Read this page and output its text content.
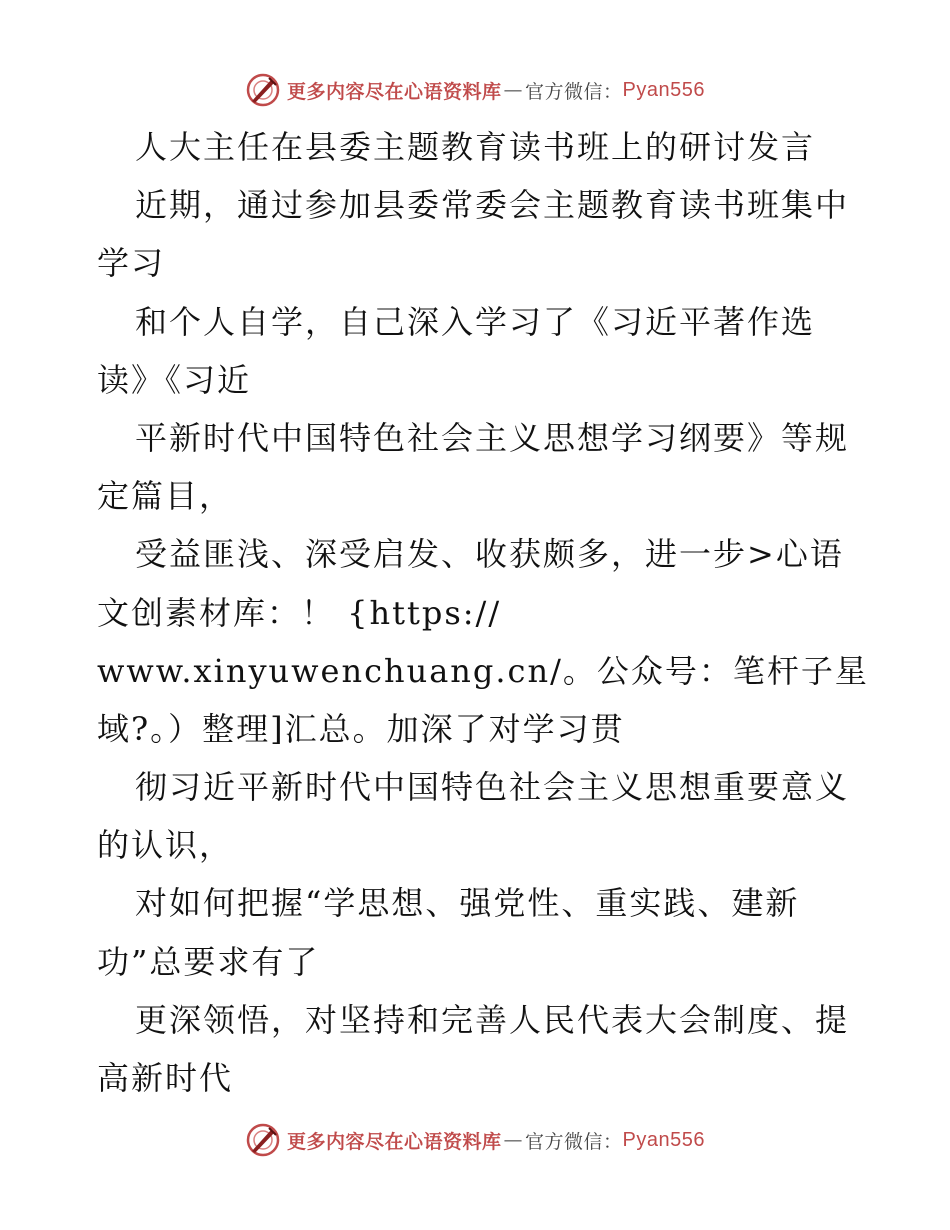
更多内容尽在心语资料库 — 官方微信： Pyan556
人大主任在县委主题教育读书班上的研讨发言
近期，通过参加县委常委会主题教育读书班集中
学习
和个人自学，自己深入学习了《习近平著作选
读》《习近
平新时代中国特色社会主义思想学习纲要》等规
定篇目，
受益匪浅、深受启发、收获颇多，进一步>心语
文创素材库：！ {https://
www.xinyuwenchuang.cn/。公众号：笔杆子星
域?。）整理]汇总。加深了对学习贯
彻习近平新时代中国特色社会主义思想重要意义
的认识，
对如何把握“学思想、强党性、重实践、建新
功”总要求有了
更深领悟，对坚持和完善人民代表大会制度、提
高新时代
更多内容尽在心语资料库 — 官方微信： Pyan556
